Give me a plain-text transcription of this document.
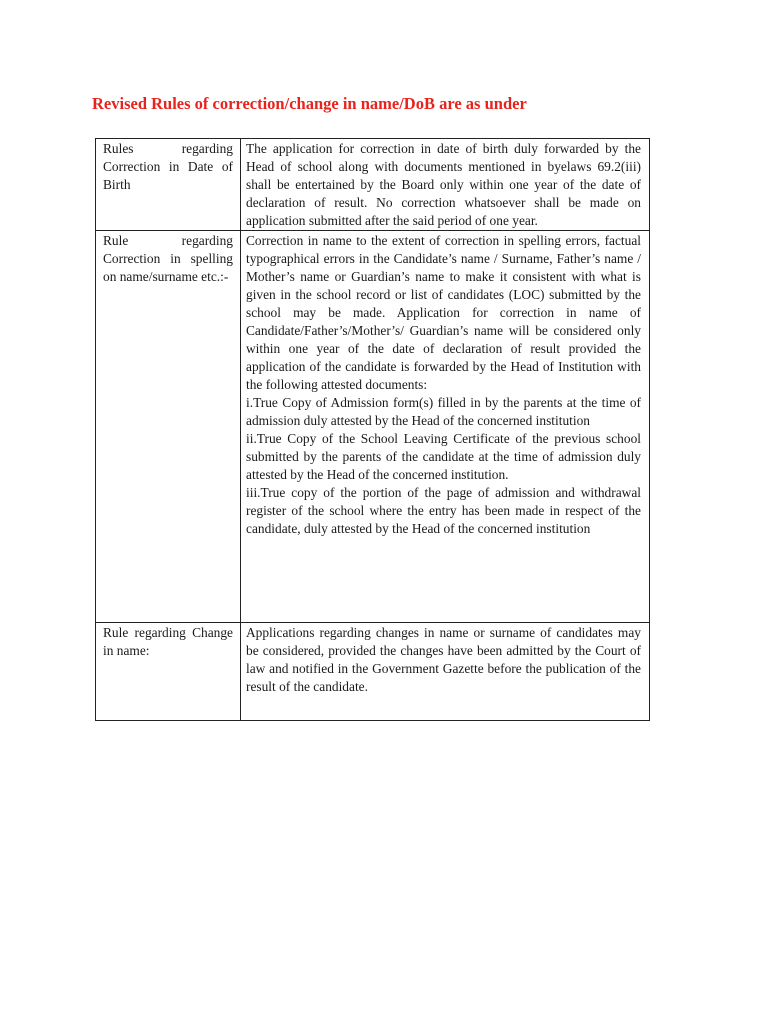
Revised Rules of correction/change in name/DoB are as under
Rules regarding Correction in Date of Birth	The application for correction in date of birth duly forwarded by the Head of school along with documents mentioned in byelaws 69.2(iii) shall be entertained by the Board only within one year of the date of declaration of result. No correction whatsoever shall be made on application submitted after the said period of one year.

Rule regarding Correction in spelling on name/surname etc.:-	Correction in name to the extent of correction in spelling errors, factual typographical errors in the Candidate’s name / Surname, Father’s name / Mother’s name or Guardian’s name to make it consistent with what is given in the school record or list of candidates (LOC) submitted by the school may be made. Application for correction in name of Candidate/Father’s/Mother’s/ Guardian’s name will be considered only within one year of the date of declaration of result provided the application of the candidate is forwarded by the Head of Institution with the following attested documents:

i.True Copy of Admission form(s) filled in by the parents at the time of admission duly attested by the Head of the concerned institution

ii.True Copy of the School Leaving Certificate of the previous school submitted by the parents of the candidate at the time of admission duly attested by the Head of the concerned institution.

iii.True copy of the portion of the page of admission and withdrawal register of the school where the entry has been made in respect of the candidate, duly attested by the Head of the concerned institution

Rule regarding Change in name:	Applications regarding changes in name or surname of candidates may be considered, provided the changes have been admitted by the Court of law and notified in the Government Gazette before the publication of the result of the candidate.
